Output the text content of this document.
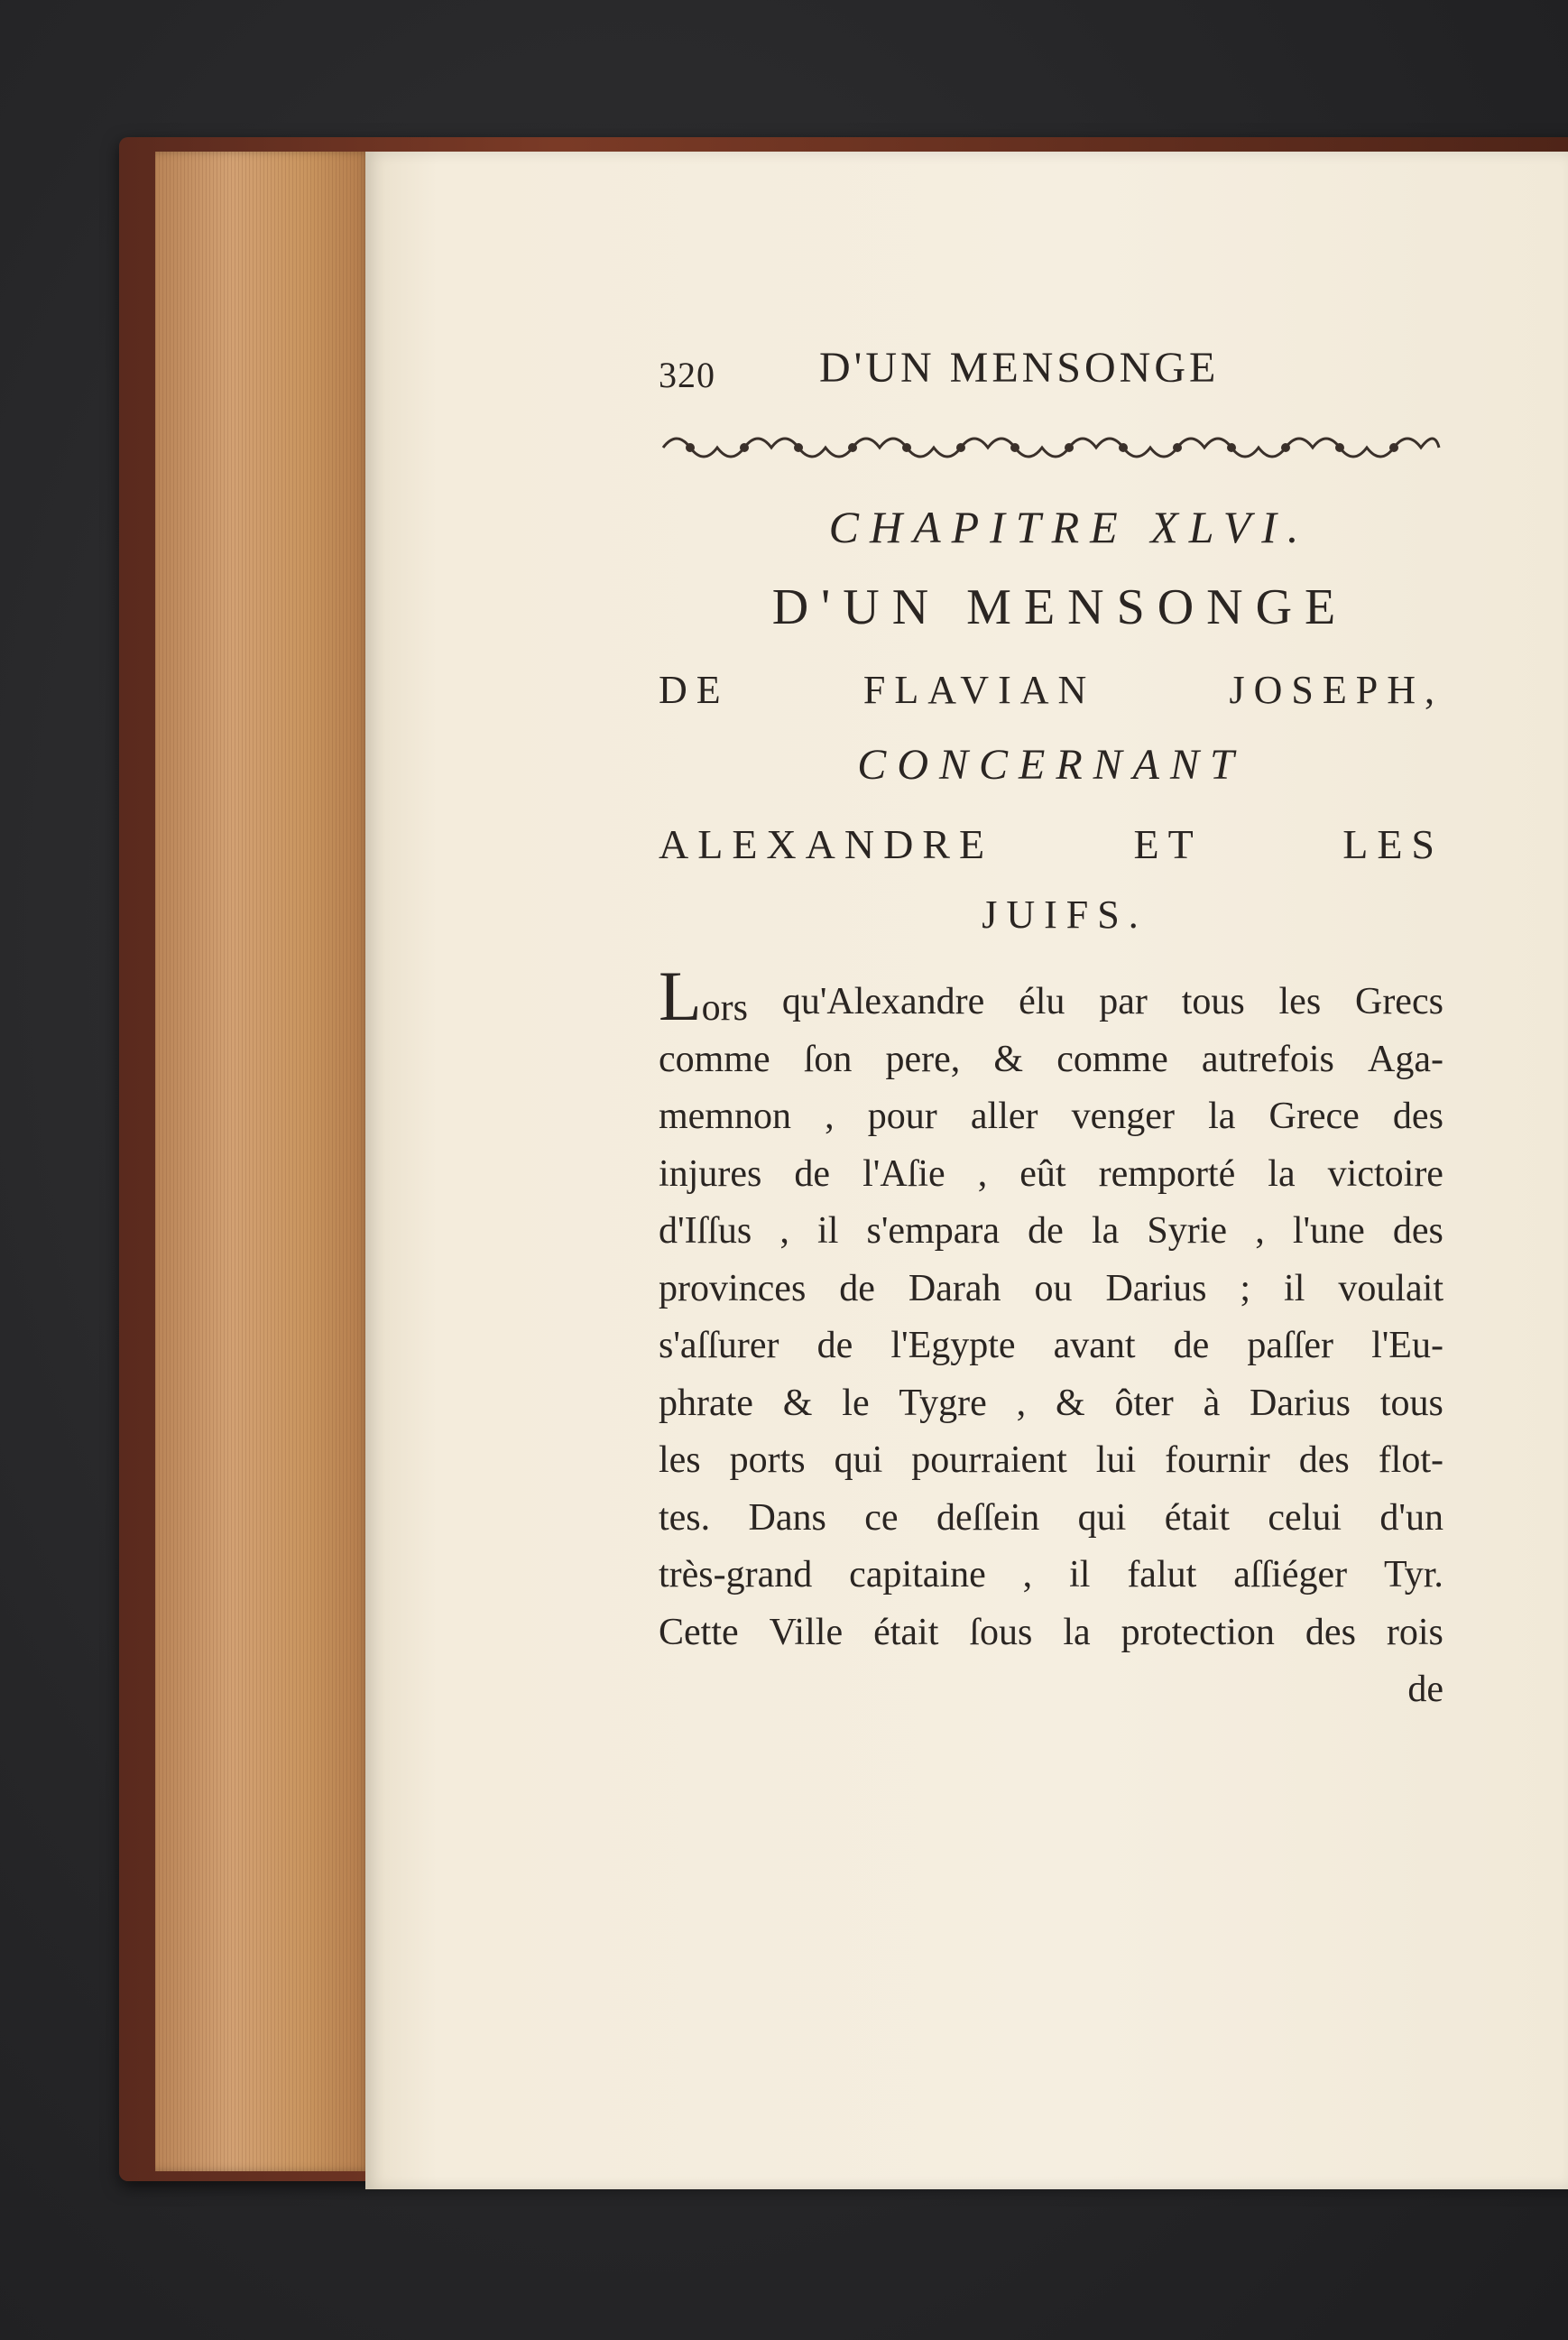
320 D'UN MENSONGE
CHAPITRE XLVI.
D'UN MENSONGE
DE	FLAVIAN	JOSEPH,
CONCERNANT
ALEXANDRE	ET	LES
JUIFS.
Lors qu'Alexandre élu par tous les Grecs
comme ſon pere, & comme autrefois Aga-
memnon , pour aller venger la Grece des
injures de l'Aſie , eût remporté la victoire
d'Iſſus , il s'empara de la Syrie , l'une des
provinces de Darah ou Darius ; il voulait
s'aſſurer de l'Egypte avant de paſſer l'Eu-
phrate & le Tygre , & ôter à Darius tous
les ports qui pourraient lui fournir des flot-
tes. Dans ce deſſein qui était celui d'un
très-grand capitaine , il falut aſſiéger Tyr.
Cette Ville était ſous la protection des rois
de
